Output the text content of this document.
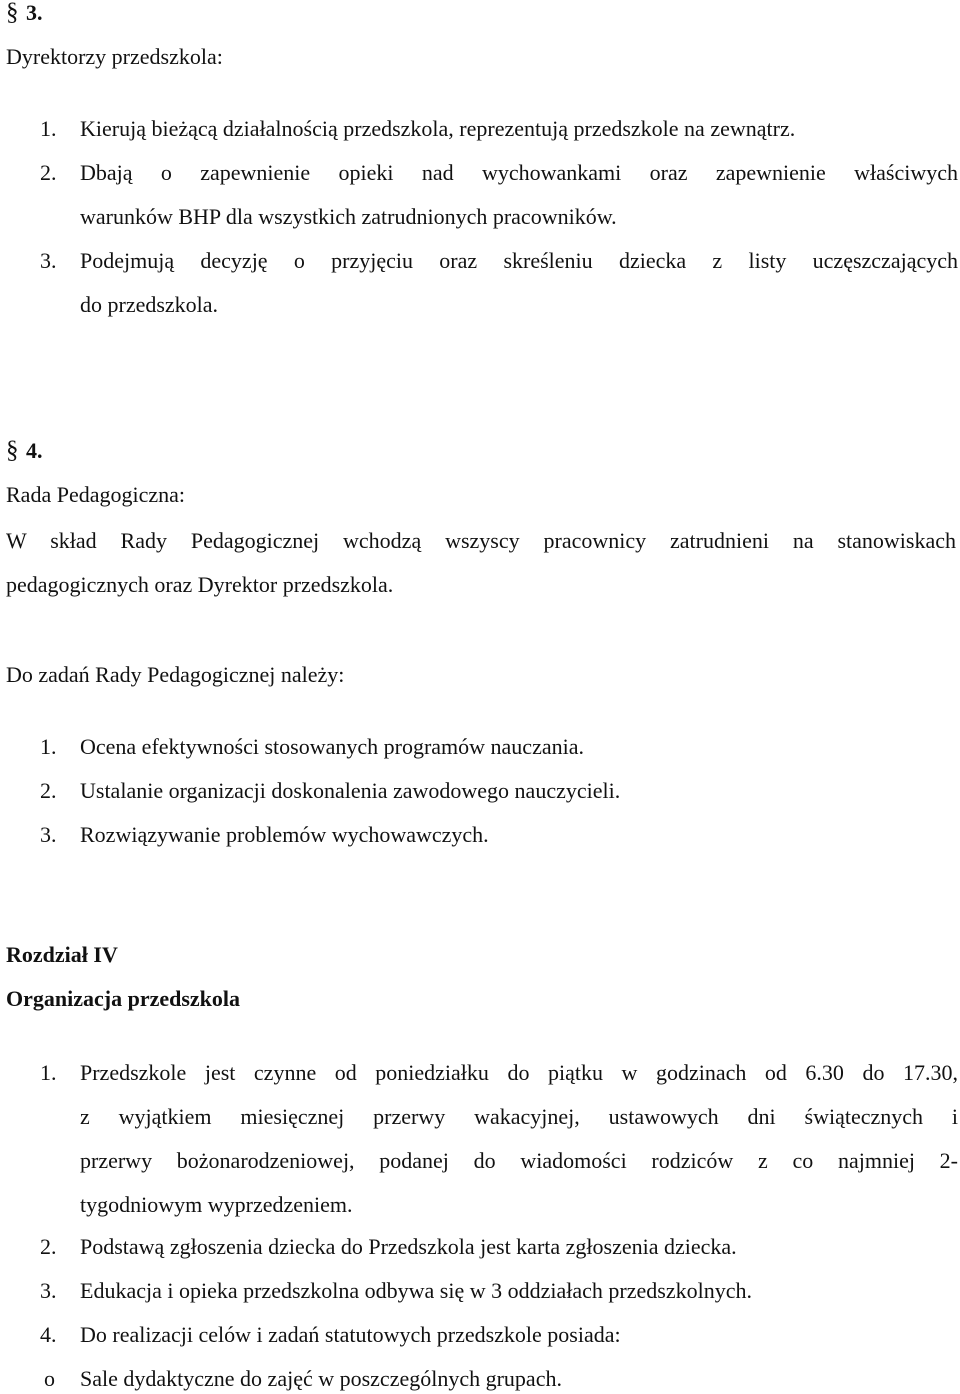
§ 3.
Dyrektorzy przedszkola:
1. Kierują bieżącą działalnością przedszkola, reprezentują przedszkole na zewnątrz.
2. Dbają o zapewnienie opieki nad wychowankami oraz zapewnienie właściwych
warunków BHP dla wszystkich zatrudnionych pracowników.
3. Podejmują decyzję o przyjęciu oraz skreśleniu dziecka z listy uczęszczających
do przedszkola.
§ 4.
Rada Pedagogiczna:
W skład Rady Pedagogicznej wchodzą wszyscy pracownicy zatrudnieni na stanowiskach
pedagogicznych oraz Dyrektor przedszkola.
Do zadań Rady Pedagogicznej należy:
1. Ocena efektywności stosowanych programów nauczania.
2. Ustalanie organizacji doskonalenia zawodowego nauczycieli.
3. Rozwiązywanie problemów wychowawczych.
Rozdział IV
Organizacja przedszkola
1. Przedszkole jest czynne od poniedziałku do piątku w godzinach od 6.30 do 17.30,
z wyjątkiem miesięcznej przerwy wakacyjnej, ustawowych dni świątecznych i
przerwy bożonarodzeniowej, podanej do wiadomości rodziców z co najmniej 2-
tygodniowym wyprzedzeniem.
2. Podstawą zgłoszenia dziecka do Przedszkola jest karta zgłoszenia dziecka.
3. Edukacja i opieka przedszkolna odbywa się w 3 oddziałach przedszkolnych.
4. Do realizacji celów i zadań statutowych przedszkole posiada:
o Sale dydaktyczne do zajęć w poszczególnych grupach.
